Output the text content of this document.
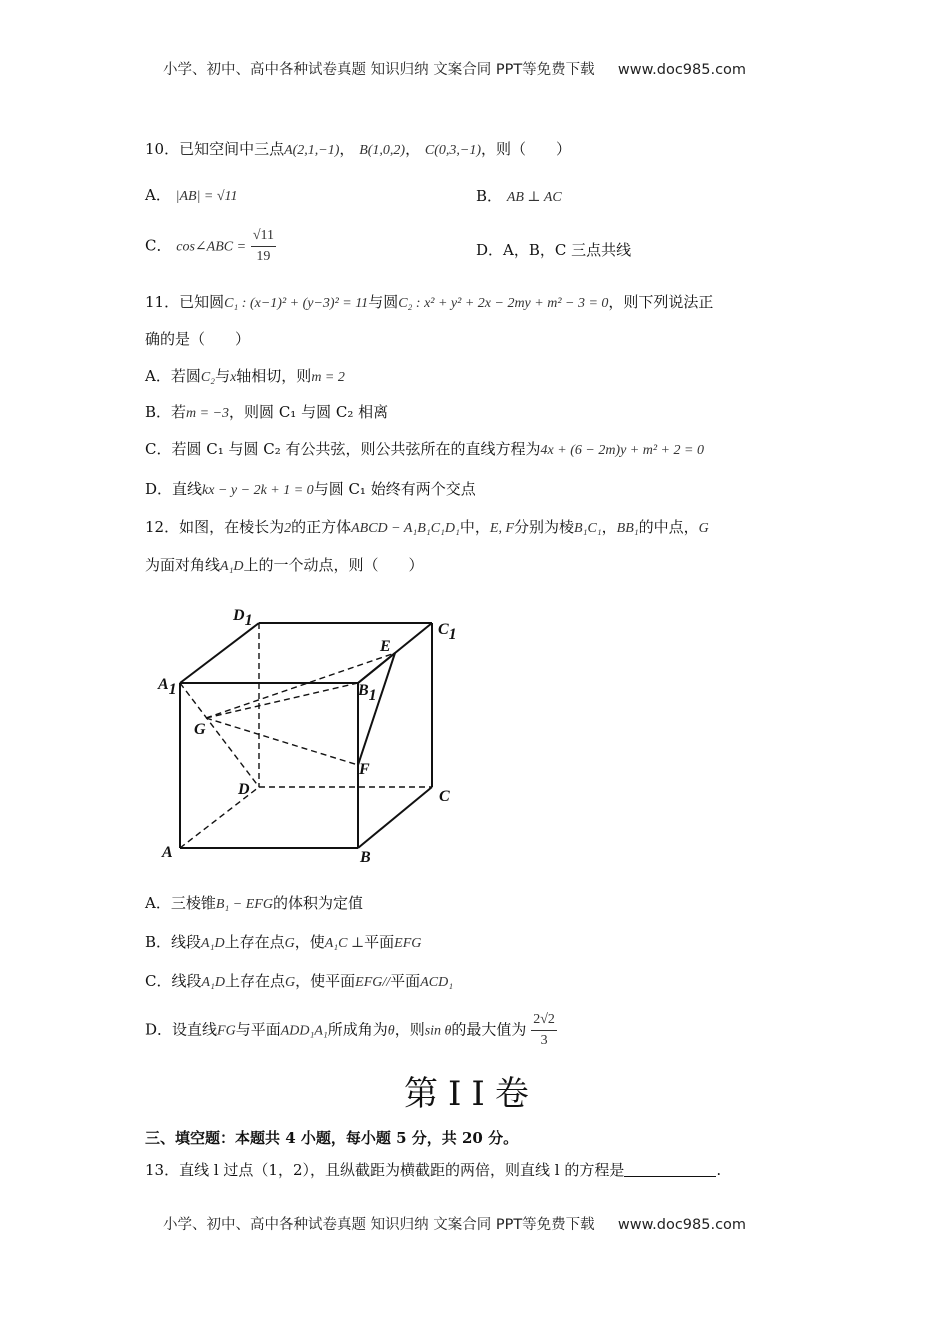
小学、初中、高中各种试卷真题 知识归纳 文案合同 PPT等免费下载 www.doc985.com
10．已知空间中三点A(2,1,−1)， B(1,0,2)， C(0,3,−1)，则（　　）
A． |AB| = √11	B． AB ⊥ AC
C． cos∠ABC = $\frac{√11}{19}$	D．A，B，C 三点共线
11．已知圆C₁ : (x−1)² + (y−3)² = 11与圆C₂ : x² + y² + 2x − 2my + m² − 3 = 0，则下列说法正
确的是（　　）
A．若圆C₂与x轴相切，则m = 2
B．若m = −3，则圆 C₁ 与圆 C₂ 相离
C．若圆 C₁ 与圆 C₂ 有公共弦，则公共弦所在的直线方程为4x + (6 − 2m)y + m² + 2 = 0
D．直线kx − y − 2k + 1 = 0与圆 C₁ 始终有两个交点
12．如图，在棱长为2的正方体ABCD − A₁B₁C₁D₁中，E, F分别为棱B₁C₁，BB₁的中点，G
为面对角线A₁D上的一个动点，则（　　）
D1
C1
A1	B1
E
G
F
D	C
A	B
A．三棱锥B₁ − EFG的体积为定值
B．线段A₁D上存在点G，使A₁C ⊥平面EFG
C．线段A₁D上存在点G，使平面EFG//平面ACD₁
D．设直线FG与平面ADD₁A₁所成角为θ，则sin θ的最大值为 $\frac{2√2}{3}$
第ⅠⅠ卷
三、填空题：本题共 4 小题，每小题 5 分，共 20 分。
13．直线 l 过点（1，2），且纵截距为横截距的两倍，则直线 l 的方程是	.
小学、初中、高中各种试卷真题 知识归纳 文案合同 PPT等免费下载 www.doc985.com
